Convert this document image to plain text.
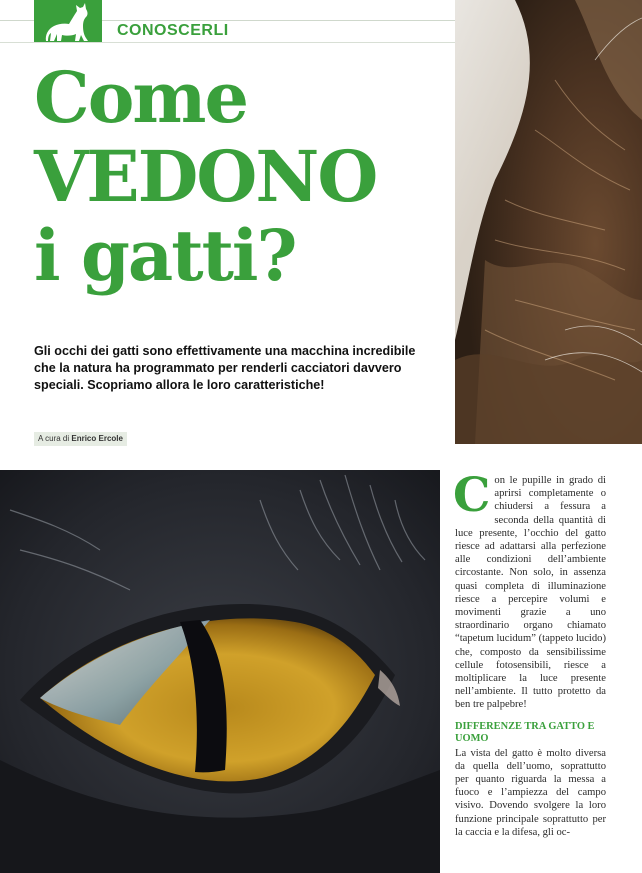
CONOSCERLI
Come
VEDONO
i gatti?

Gli occhi dei gatti sono effettivamente una macchina incredibile che la natura ha programmato per renderli cacciatori davvero speciali. Scopriamo allora le loro caratteristiche!

A cura di Enrico Ercole
C on le pupille in grado di aprirsi completamente o chiudersi a fessura a seconda della quantità di luce presente, l’occhio del gatto riesce ad adattarsi alla perfezione alle condizioni dell’ambiente circostante. Non solo, in assenza quasi completa di illuminazione riesce a percepire volumi e movimenti grazie a uno straordinario organo chiamato “tapetum lucidum” (tappeto lucido) che, composto da sensibilissime cellule fotosensibili, riesce a moltiplicare la luce presente nell’ambiente. Il tutto protetto da ben tre palpebre!

DIFFERENZE TRA GATTO E UOMO

La vista del gatto è molto diversa da quella dell’uomo, soprattutto per quanto riguarda la messa a fuoco e l’ampiezza del campo visivo. Dovendo svolgere la loro funzione principale soprattutto per la caccia e la difesa, gli oc-
